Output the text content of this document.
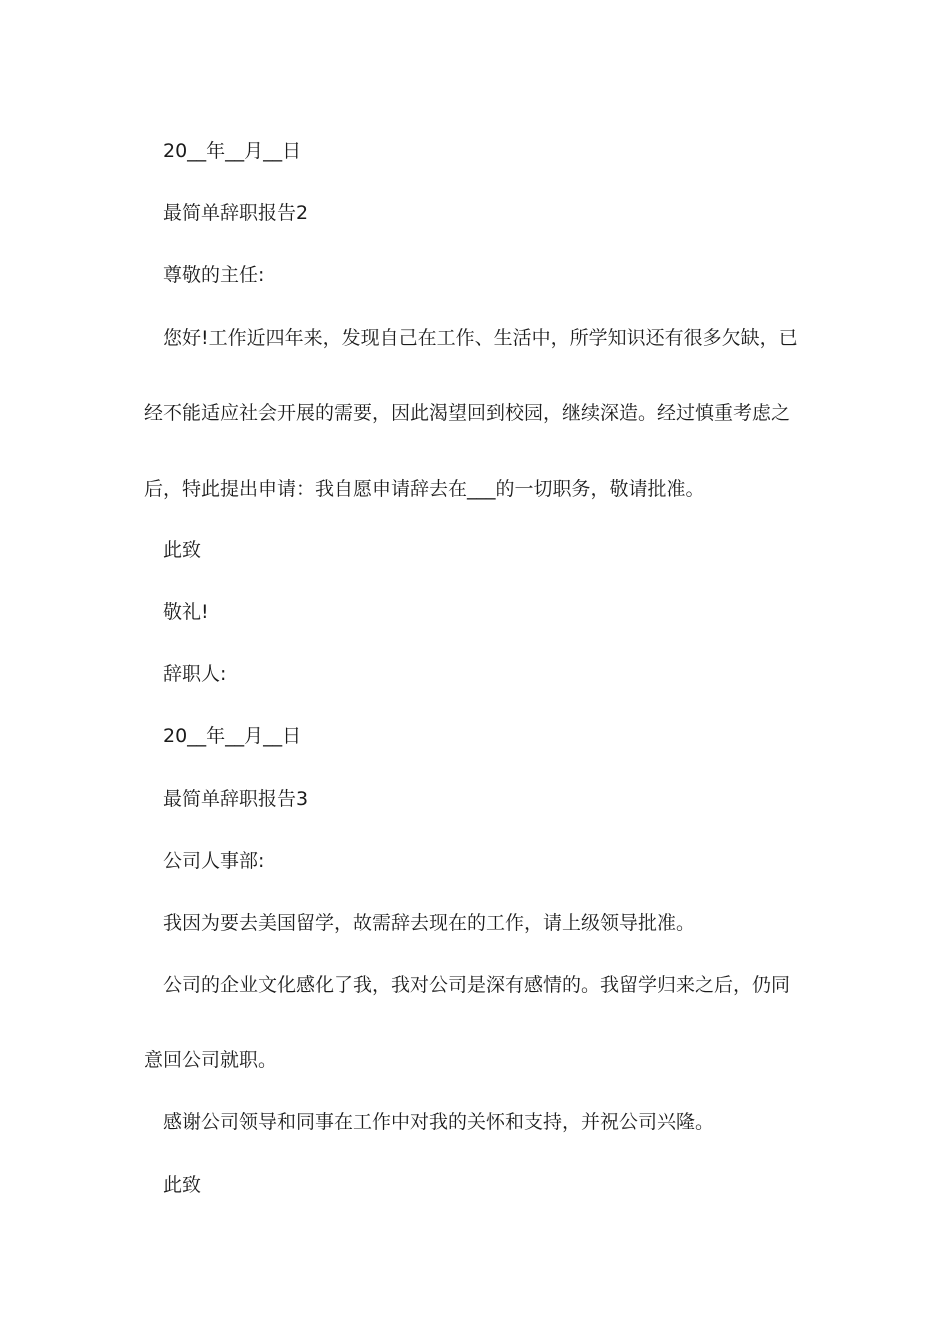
20__年__月__日
最简单辞职报告2
尊敬的主任:
您好!工作近四年来，发现自己在工作、生活中，所学知识还有很多欠缺，已
经不能适应社会开展的需要，因此渴望回到校园，继续深造。经过慎重考虑之
后，特此提出申请：我自愿申请辞去在___的一切职务，敬请批准。
此致
敬礼!
辞职人:
20__年__月__日
最简单辞职报告3
公司人事部:
我因为要去美国留学，故需辞去现在的工作，请上级领导批准。
公司的企业文化感化了我，我对公司是深有感情的。我留学归来之后，仍同
意回公司就职。
感谢公司领导和同事在工作中对我的关怀和支持，并祝公司兴隆。
此致
